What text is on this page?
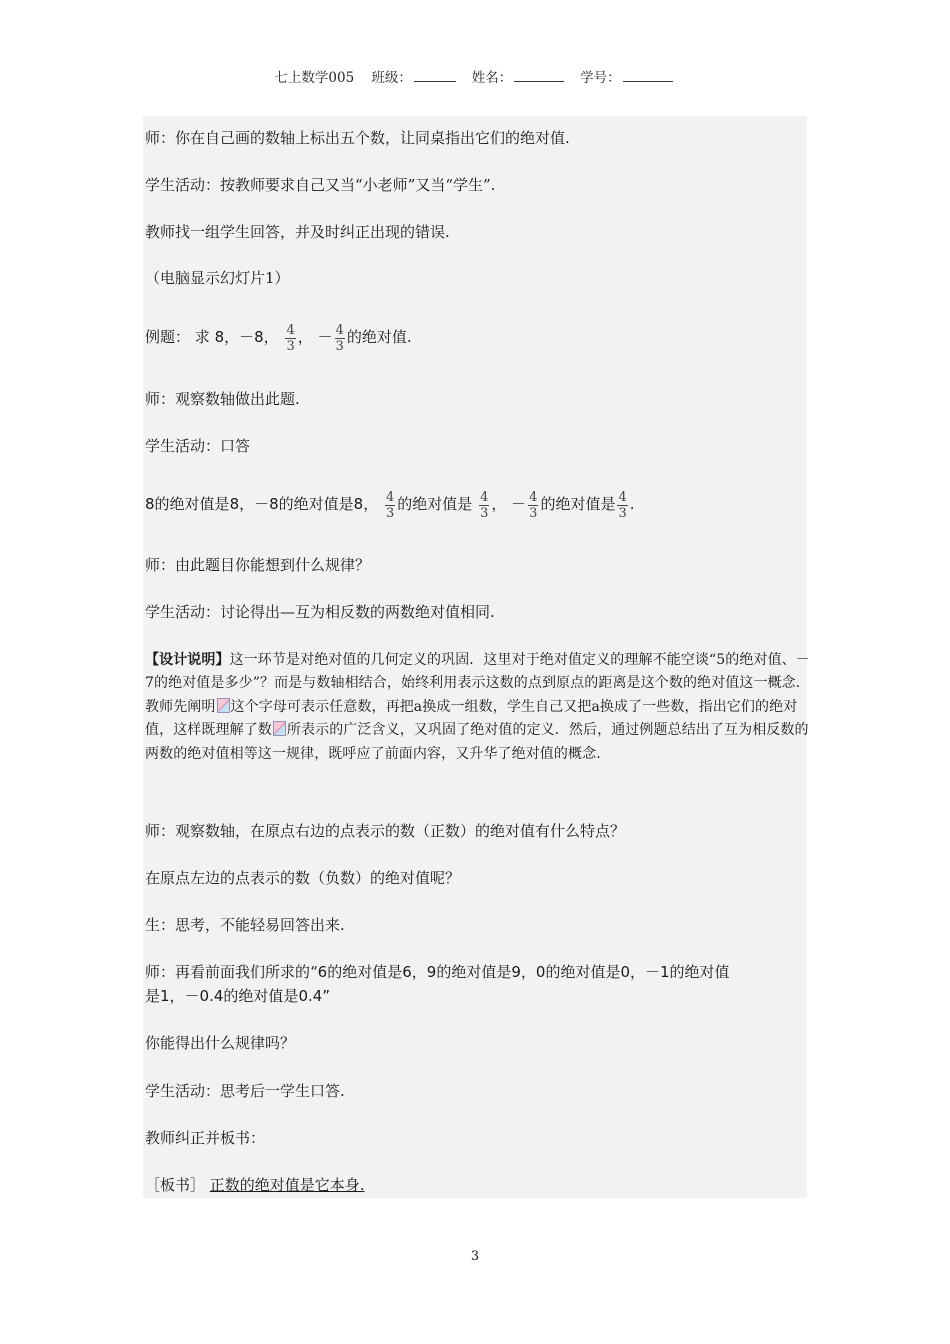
七上数学005 班级：	姓名：	学号：
师：你在自己画的数轴上标出五个数，让同桌指出它们的绝对值.
学生活动：按教师要求自己又当“小老师”又当“学生”.
教师找一组学生回答，并及时纠正出现的错误.
（电脑显示幻灯片1）
例题： 求 8，－8， $\frac{4}{3}$ ， － $\frac{4}{3}$ 的绝对值.
师：观察数轴做出此题.
学生活动：口答
8的绝对值是8，－8的绝对值是8， $\frac{4}{3}$ 的绝对值是 $\frac{4}{3}$ ， － $\frac{4}{3}$ 的绝对值是 $\frac{4}{3}$ .
师：由此题目你能想到什么规律？
学生活动：讨论得出—互为相反数的两数绝对值相同.
【设计说明】这一环节是对绝对值的几何定义的巩固．这里对于绝对值定义的理解不能空谈“5的绝对值、－7的绝对值是多少”？而是与数轴相结合，始终利用表示这数的点到原点的距离是这个数的绝对值这一概念．教师先阐明 这个字母可表示任意数，再把a换成一组数，学生自己又把a换成了一些数，指出它们的绝对值，这样既理解了数 所表示的广泛含义，又巩固了绝对值的定义．然后，通过例题总结出了互为相反数的两数的绝对值相等这一规律，既呼应了前面内容，又升华了绝对值的概念.
师：观察数轴，在原点右边的点表示的数（正数）的绝对值有什么特点？
在原点左边的点表示的数（负数）的绝对值呢？
生：思考，不能轻易回答出来.
师：再看前面我们所求的“6的绝对值是6，9的绝对值是9，0的绝对值是0，－1的绝对值
是1，－0.4的绝对值是0.4”
你能得出什么规律吗？
学生活动：思考后一学生口答.
教师纠正并板书：
［板书］ 正数的绝对值是它本身.
3
